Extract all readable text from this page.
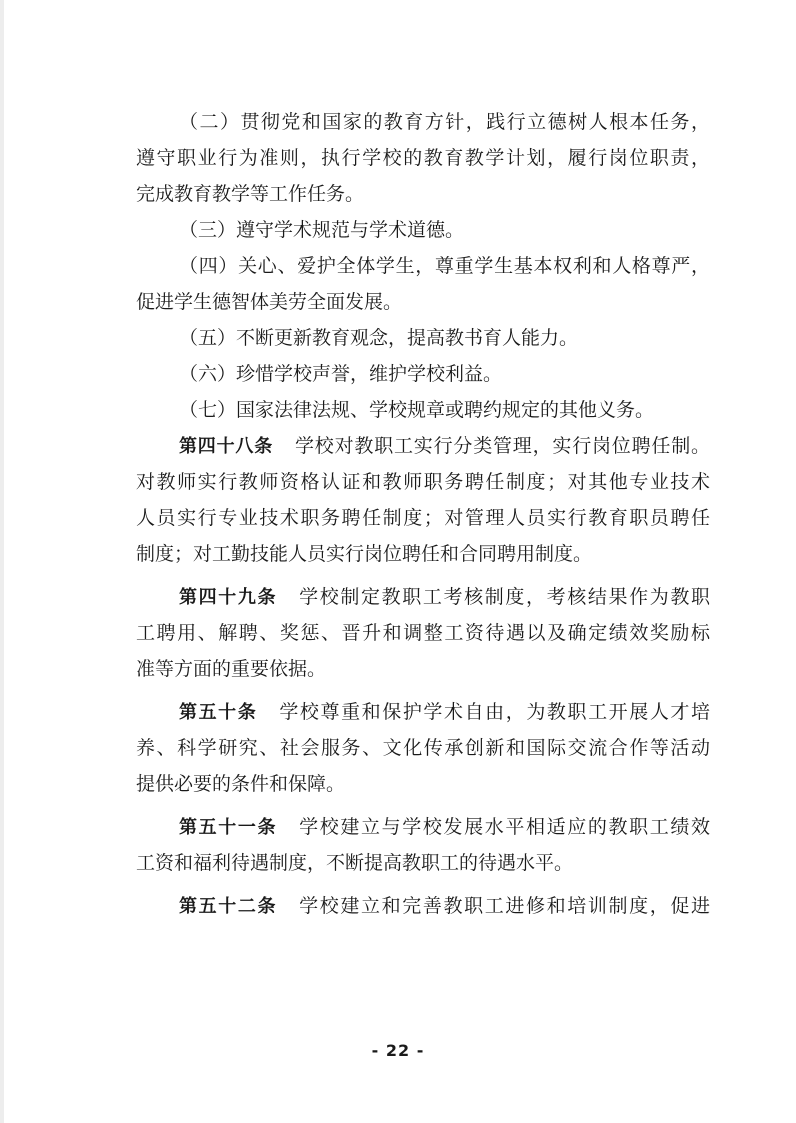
（二）贯彻党和国家的教育方针，践行立德树人根本任务，
遵守职业行为准则，执行学校的教育教学计划，履行岗位职责，
完成教育教学等工作任务。
（三）遵守学术规范与学术道德。
（四）关心、爱护全体学生，尊重学生基本权利和人格尊严，
促进学生德智体美劳全面发展。
（五）不断更新教育观念，提高教书育人能力。
（六）珍惜学校声誉，维护学校利益。
（七）国家法律法规、学校规章或聘约规定的其他义务。
第四十八条 学校对教职工实行分类管理，实行岗位聘任制。
对教师实行教师资格认证和教师职务聘任制度；对其他专业技术
人员实行专业技术职务聘任制度；对管理人员实行教育职员聘任
制度；对工勤技能人员实行岗位聘任和合同聘用制度。
第四十九条 学校制定教职工考核制度，考核结果作为教职
工聘用、解聘、奖惩、晋升和调整工资待遇以及确定绩效奖励标
准等方面的重要依据。
第五十条 学校尊重和保护学术自由，为教职工开展人才培
养、科学研究、社会服务、文化传承创新和国际交流合作等活动
提供必要的条件和保障。
第五十一条 学校建立与学校发展水平相适应的教职工绩效
工资和福利待遇制度，不断提高教职工的待遇水平。
第五十二条 学校建立和完善教职工进修和培训制度，促进
- 22 -
